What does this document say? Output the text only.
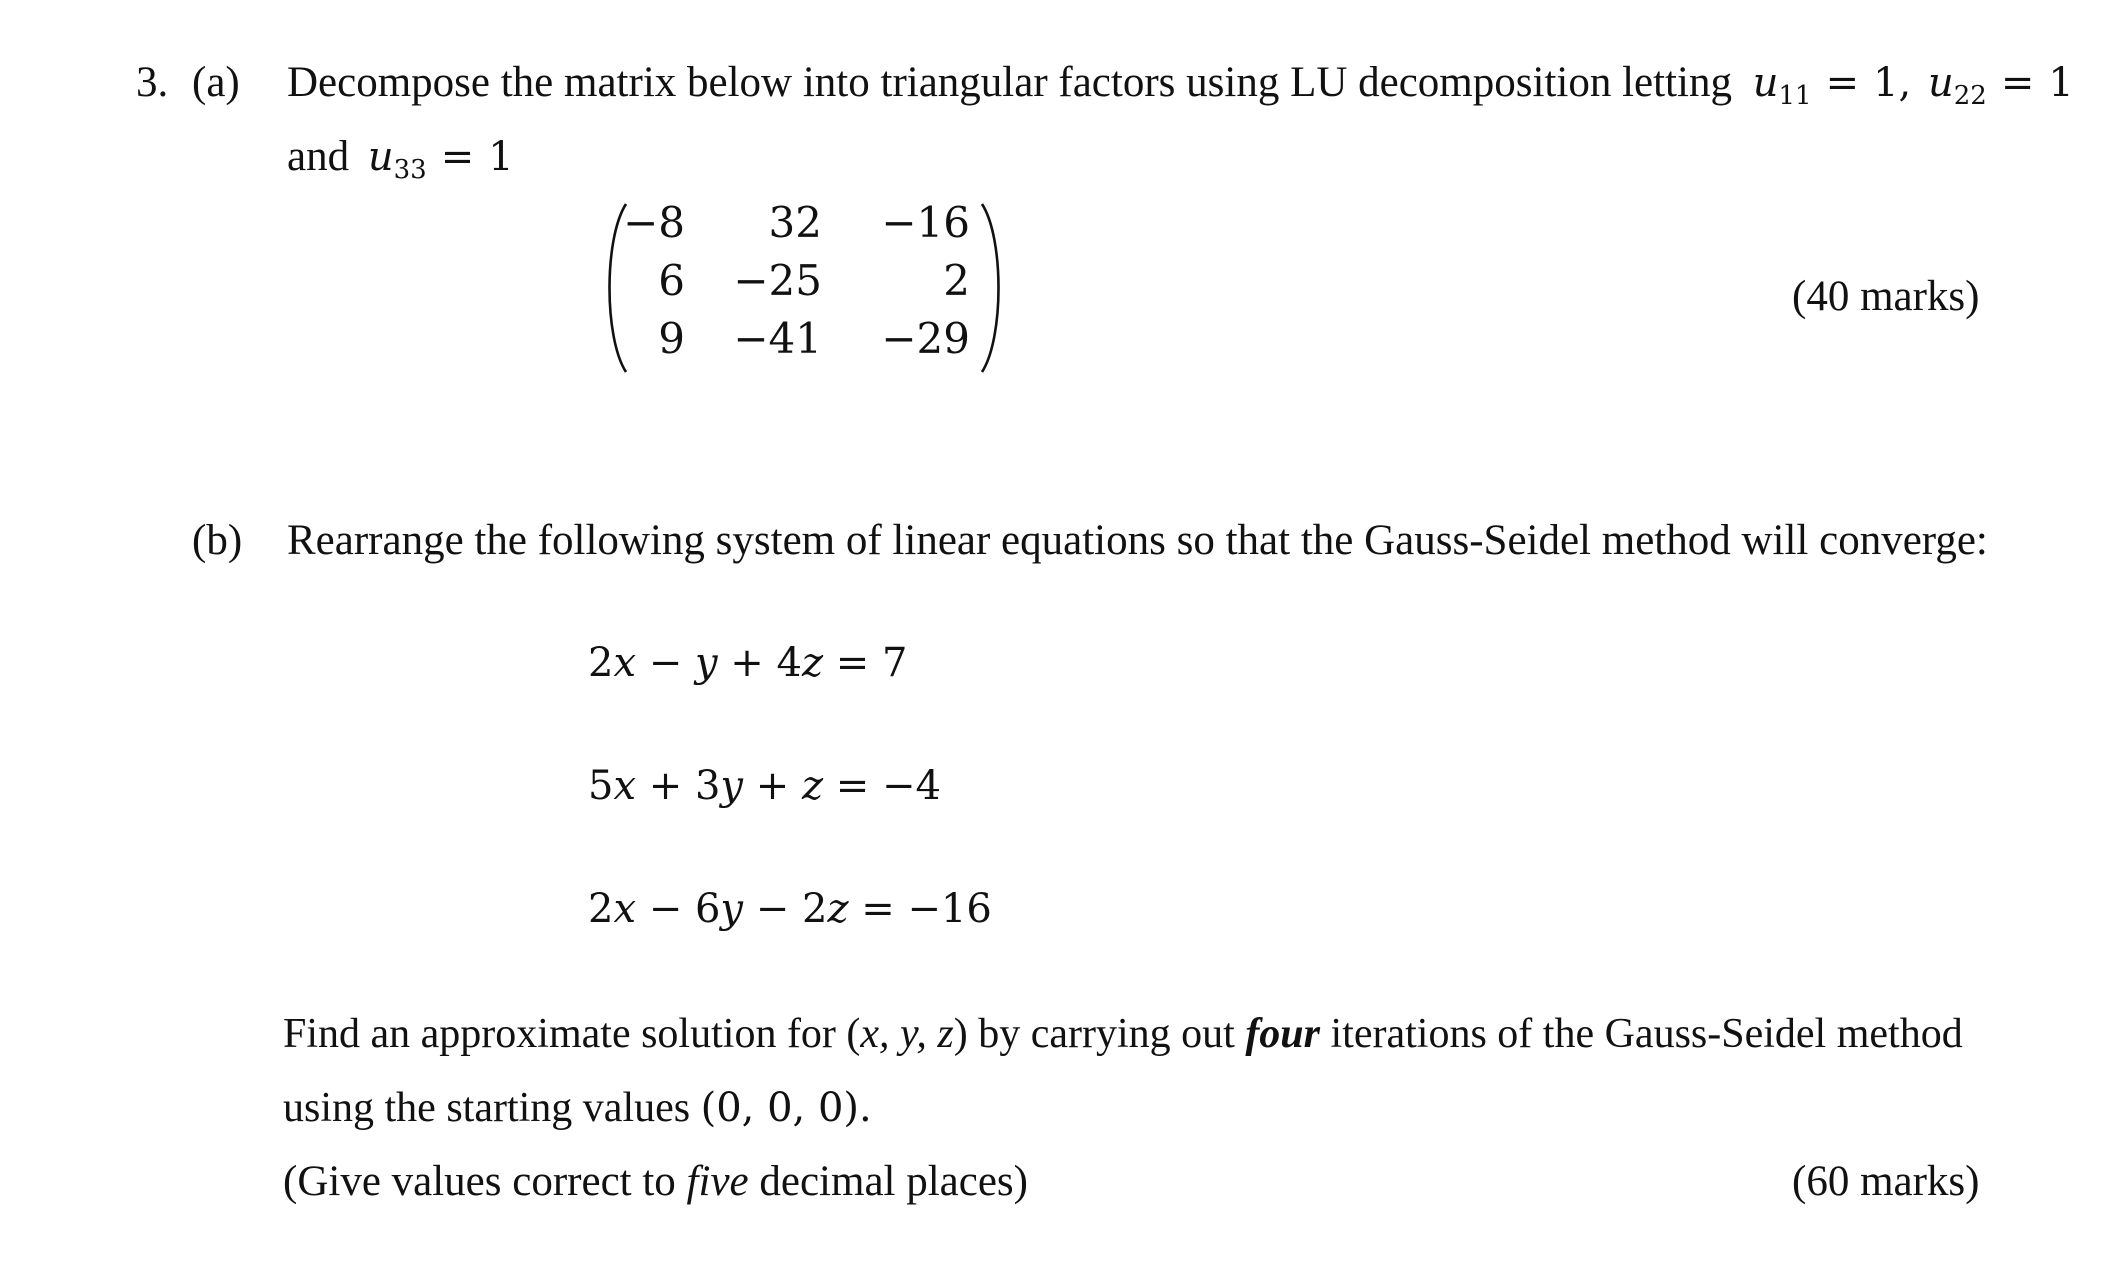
3. (a) Decompose the matrix below into triangular factors using LU decomposition letting $u_{11} = 1$, $u_{22} = 1$
and $u_{33} = 1$
−8	32	−16
6	−25	2
9	−41	−29
(40 marks)
(b) Rearrange the following system of linear equations so that the Gauss-Seidel method will converge:
2x − y + 4z = 7
5x + 3y + z = −4
2x − 6y − 2z = −16
Find an approximate solution for (x, y, z) by carrying out four iterations of the Gauss-Seidel method
using the starting values (0, 0, 0).
(Give values correct to five decimal places)	(60 marks)
